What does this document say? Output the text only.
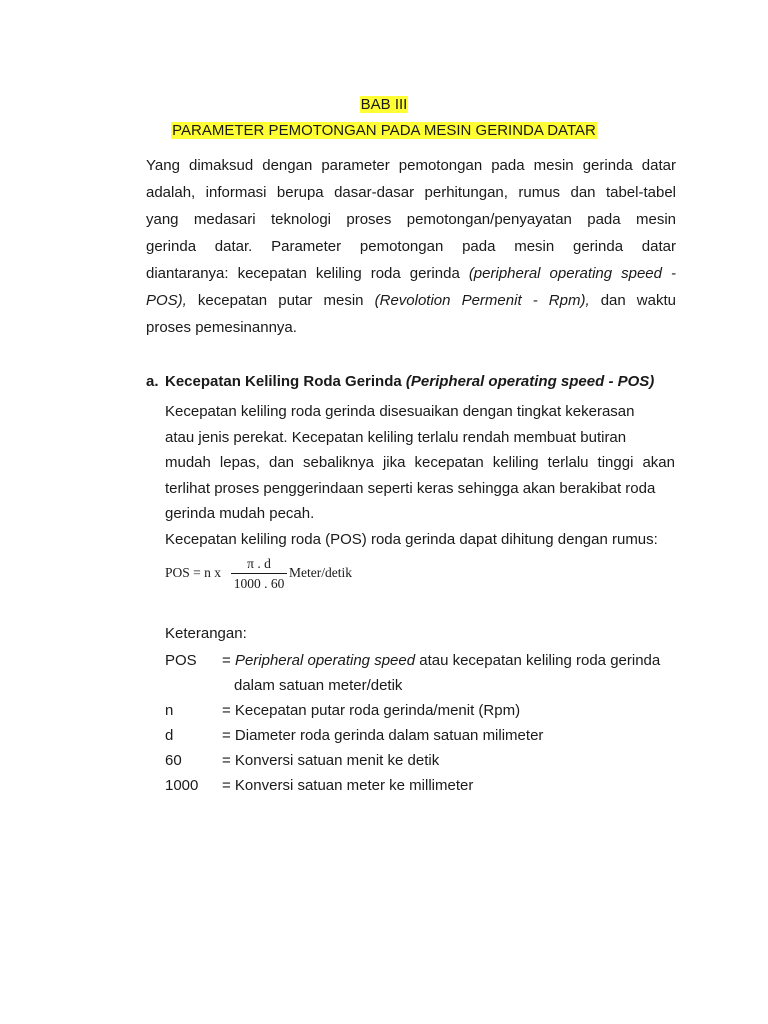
BAB III
PARAMETER PEMOTONGAN PADA MESIN GERINDA DATAR
Yang dimaksud dengan parameter pemotongan pada mesin gerinda datar
adalah, informasi berupa dasar-dasar perhitungan, rumus dan tabel-tabel
yang medasari teknologi proses pemotongan/penyayatan pada mesin
gerinda datar. Parameter pemotongan pada mesin gerinda datar
diantaranya: kecepatan keliling roda gerinda (peripheral operating speed -
POS), kecepatan putar mesin (Revolotion Permenit - Rpm), dan waktu
proses pemesinannya.
a. Kecepatan Keliling Roda Gerinda (Peripheral operating speed - POS)
Kecepatan keliling roda gerinda disesuaikan dengan tingkat kekerasan
atau jenis perekat. Kecepatan keliling terlalu rendah membuat butiran
mudah lepas, dan sebaliknya jika kecepatan keliling terlalu tinggi akan
terlihat proses penggerindaan seperti keras sehingga akan berakibat roda
gerinda mudah pecah.
Kecepatan keliling roda (POS) roda gerinda dapat dihitung dengan rumus:
POS = n x
π . d
1000 . 60
Meter/detik
Keterangan:
POS = Peripheral operating speed atau kecepatan keliling roda gerinda
dalam satuan meter/detik
n	= Kecepatan putar roda gerinda/menit (Rpm)
d	= Diameter roda gerinda dalam satuan milimeter
60	= Konversi satuan menit ke detik
1000 = Konversi satuan meter ke millimeter
